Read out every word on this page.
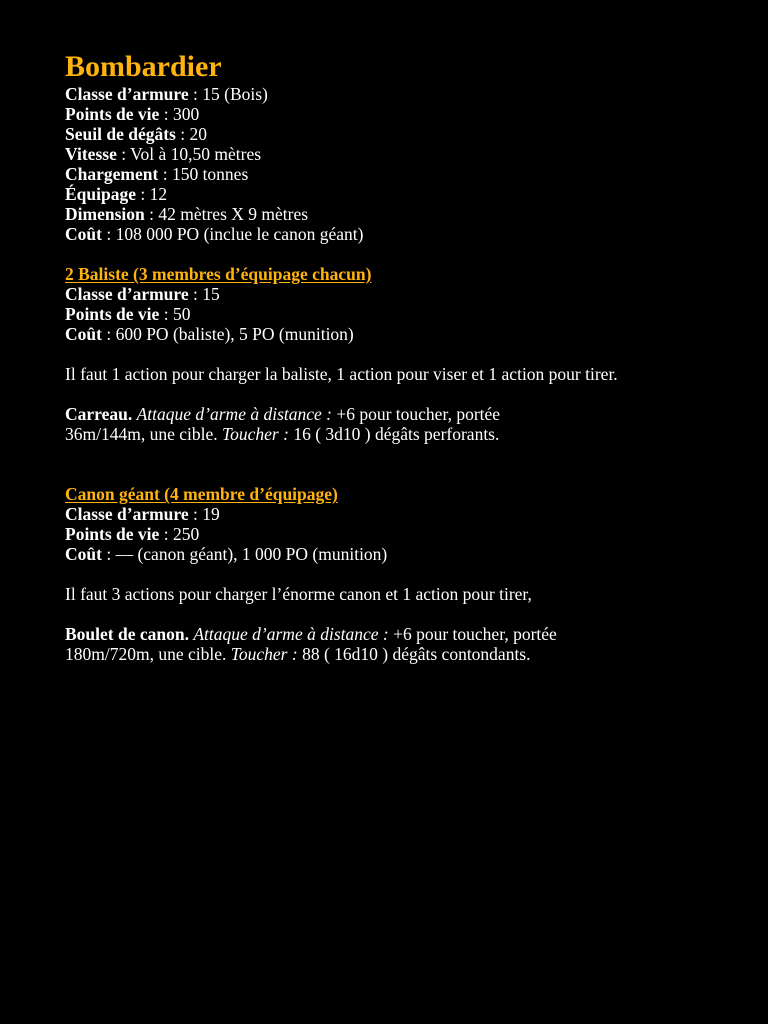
Bombardier
Classe d’armure : 15 (Bois)
Points de vie : 300
Seuil de dégâts : 20
Vitesse : Vol à 10,50 mètres
Chargement : 150 tonnes
Équipage : 12
Dimension : 42 mètres X 9 mètres
Coût : 108 000 PO (inclue le canon géant)
2 Baliste (3 membres d’équipage chacun)
Classe d’armure : 15
Points de vie : 50
Coût : 600 PO (baliste), 5 PO (munition)
Il faut 1 action pour charger la baliste, 1 action pour viser et 1 action pour tirer.
Carreau. Attaque d’arme à distance : +6 pour toucher, portée
36m/144m, une cible. Toucher : 16 ( 3d10 ) dégâts perforants.
Canon géant (4 membre d’équipage)
Classe d’armure : 19
Points de vie : 250
Coût : — (canon géant), 1 000 PO (munition)
Il faut 3 actions pour charger l’énorme canon et 1 action pour tirer,
Boulet de canon. Attaque d’arme à distance : +6 pour toucher, portée
180m/720m, une cible. Toucher : 88 ( 16d10 ) dégâts contondants.
